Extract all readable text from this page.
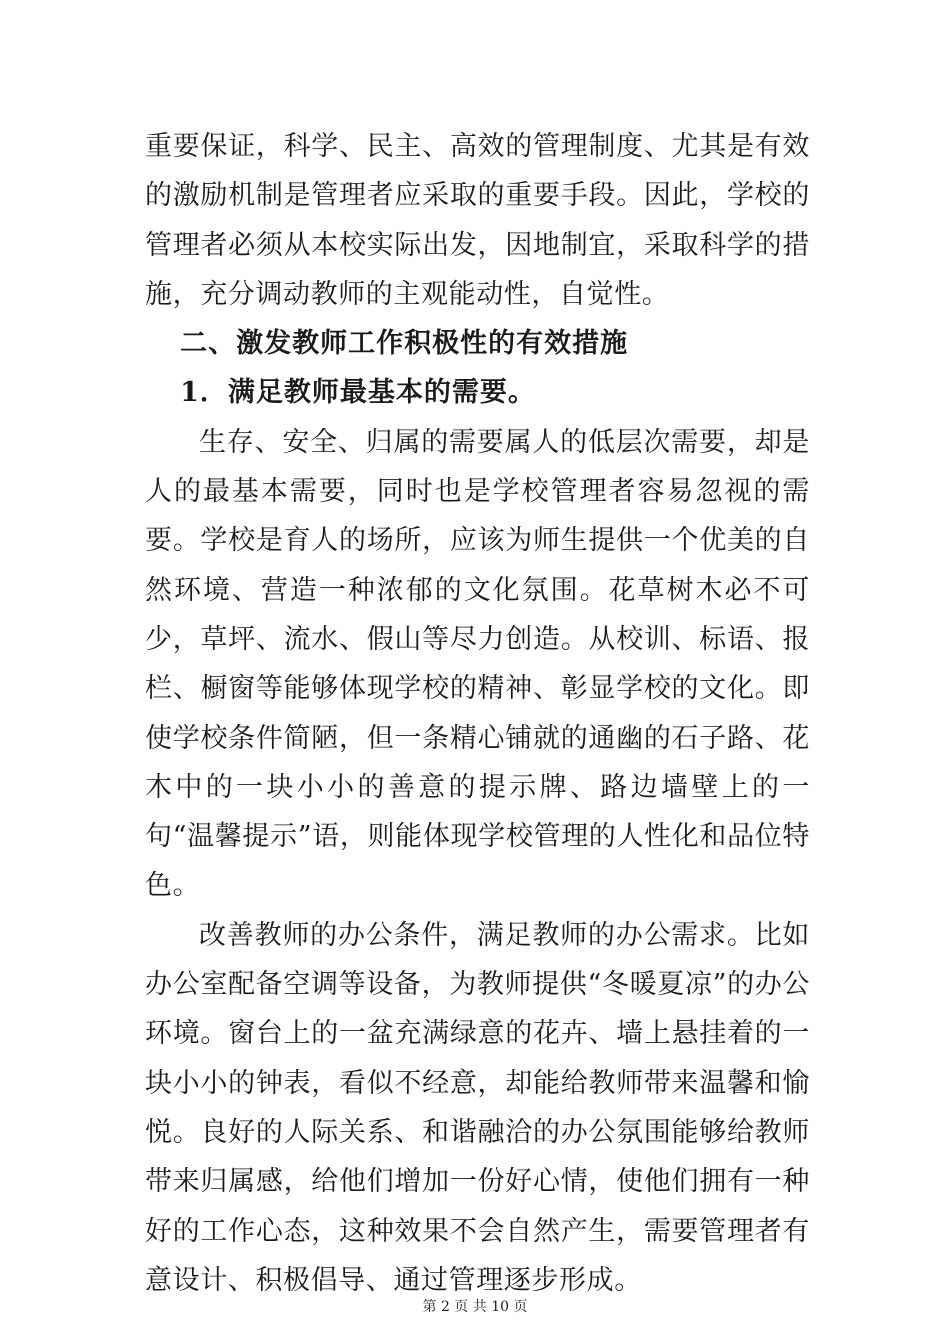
重要保证，科学、民主、高效的管理制度、尤其是有效的激励机制是管理者应采取的重要手段。因此，学校的管理者必须从本校实际出发，因地制宜，采取科学的措施，充分调动教师的主观能动性，自觉性。

二、激发教师工作积极性的有效措施

1．满足教师最基本的需要。

生存、安全、归属的需要属人的低层次需要，却是人的最基本需要，同时也是学校管理者容易忽视的需要。学校是育人的场所，应该为师生提供一个优美的自然环境、营造一种浓郁的文化氛围。花草树木必不可少，草坪、流水、假山等尽力创造。从校训、标语、报栏、橱窗等能够体现学校的精神、彰显学校的文化。即使学校条件简陋，但一条精心铺就的通幽的石子路、花木中的一块小小的善意的提示牌、路边墙壁上的一句“温馨提示”语，则能体现学校管理的人性化和品位特色。

改善教师的办公条件，满足教师的办公需求。比如办公室配备空调等设备，为教师提供“冬暖夏凉”的办公环境。窗台上的一盆充满绿意的花卉、墙上悬挂着的一块小小的钟表，看似不经意，却能给教师带来温馨和愉悦。良好的人际关系、和谐融洽的办公氛围能够给教师带来归属感，给他们增加一份好心情，使他们拥有一种好的工作心态，这种效果不会自然产生，需要管理者有意设计、积极倡导、通过管理逐步形成。

第 2 页 共 10 页
